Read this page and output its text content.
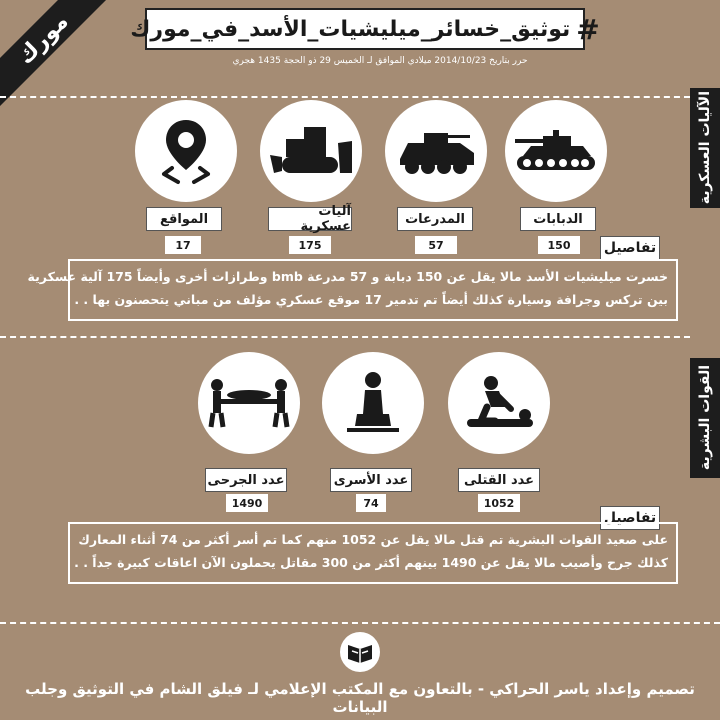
مورك	#
توثيق_خسائر_ميليشيات_الأسد_في_مورك
حرر بتاريخ 2014/10/23 ميلادي الموافق لـ الخميس 29 ذو الحجة 1435 هجري
الآليات العسكرية
الدبابات
150
المدرعات
57
آليات عسكرية
175
المواقع
17	تفاصيل

خسرت ميليشيات الأسد مالا يقل عن 150 دبابة و 57 مدرعة bmb وطرازات أخرى وأيضاً 175 آلية عسكرية

بين تركس وجرافة وسيارة كذلك أيضاً تم تدمير 17 موقع عسكري مؤلف من مباني يتحصنون بها . .

القوات البشرية
عدد القتلى
1052
عدد الأسرى
74
عدد الجرحى
1490
تفاصيل

على صعيد القوات البشرية تم قتل مالا يقل عن 1052 منهم كما تم أسر أكثر من 74 أثناء المعارك

كذلك جرح وأصيب مالا يقل عن 1490 بينهم أكثر من 300 مقاتل يحملون الآن اعاقات كبيرة جداً . .

تصميم وإعداد ياسر الحراكي - بالتعاون مع المكتب الإعلامي لـ فيلق الشام في التوثيق وجلب البيانات
